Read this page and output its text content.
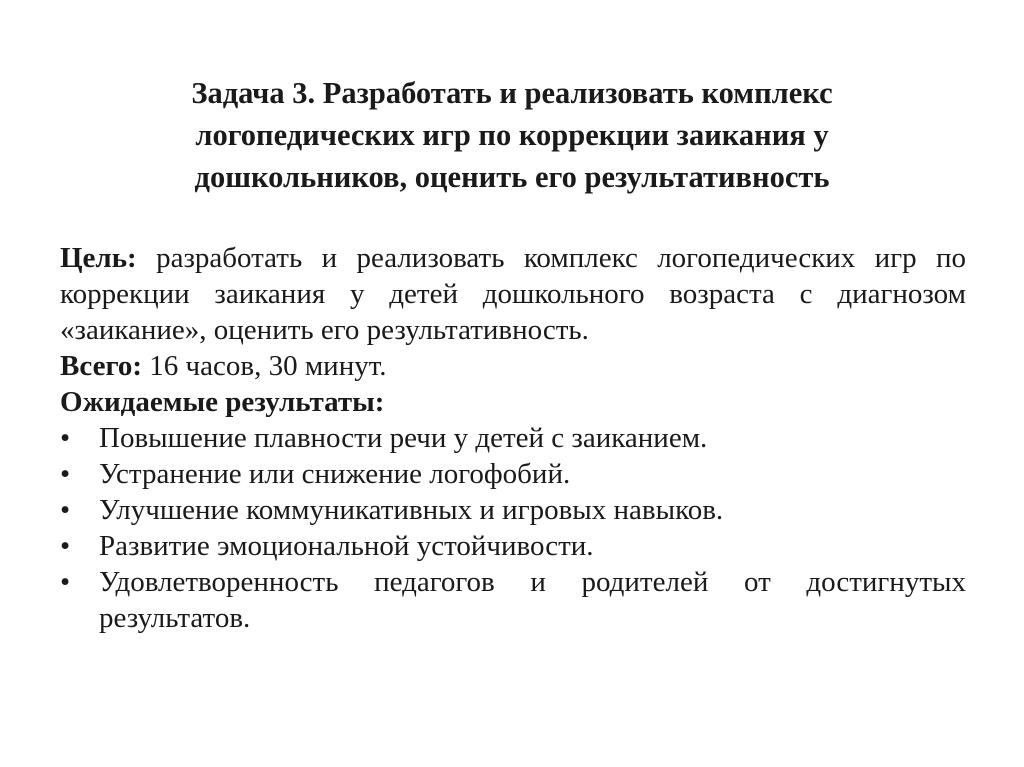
Задача 3. Разработать и реализовать комплекс логопедических игр по коррекции заикания у дошкольников, оценить его результативность

Цель: разработать и реализовать комплекс логопедических игр по коррекции заикания у детей дошкольного возраста с диагнозом «заикание», оценить его результативность.

Всего: 16 часов, 30 минут.

Ожидаемые результаты:

• Повышение плавности речи у детей с заиканием.
• Устранение или снижение логофобий.
• Улучшение коммуникативных и игровых навыков.
• Развитие эмоциональной устойчивости.
• Удовлетворенность педагогов и родителей от достигнутых результатов.
